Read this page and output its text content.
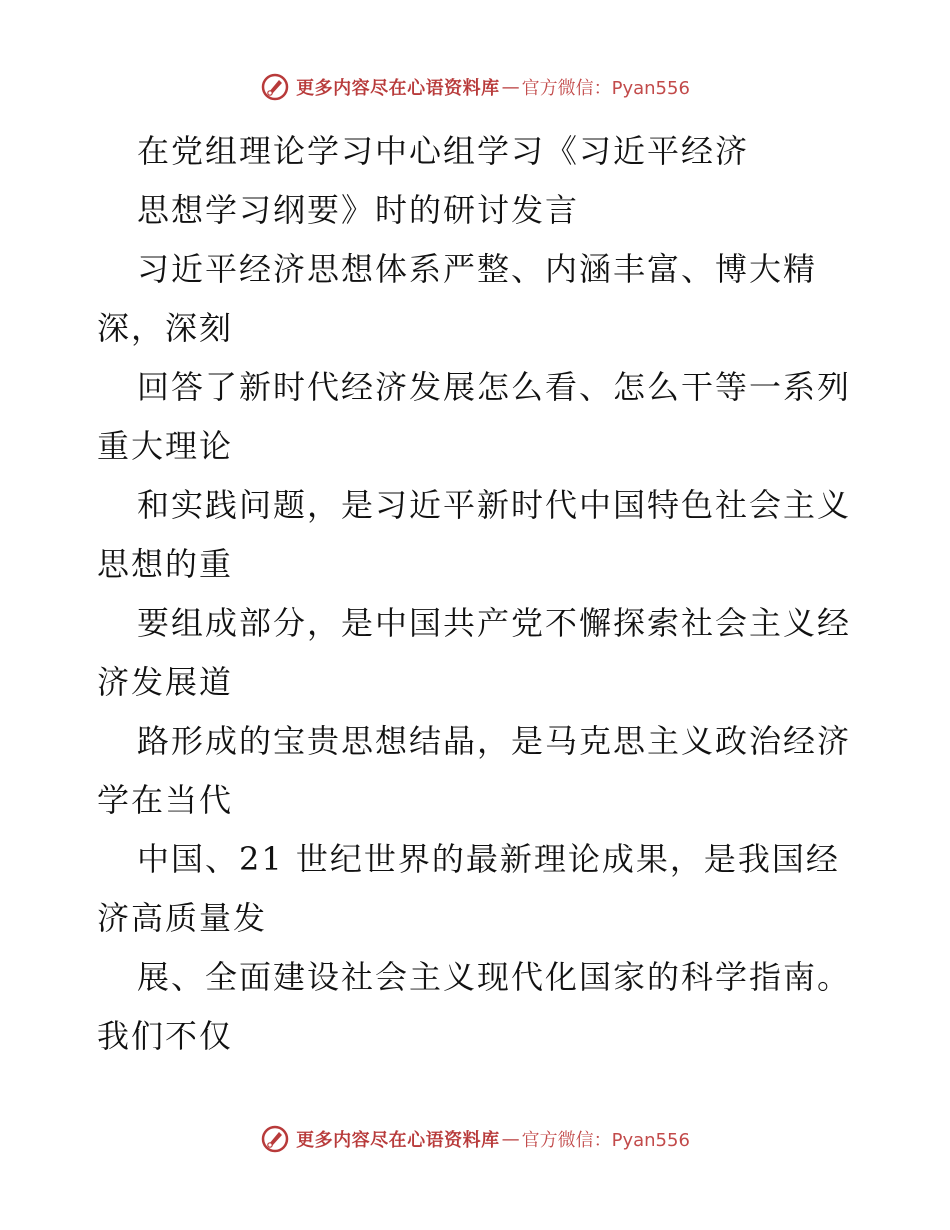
更多内容尽在心语资料库 — 官方微信：Pyan556
在党组理论学习中心组学习《习近平经济
思想学习纲要》时的研讨发言
习近平经济思想体系严整、内涵丰富、博大精
深，深刻
回答了新时代经济发展怎么看、怎么干等一系列
重大理论
和实践问题，是习近平新时代中国特色社会主义
思想的重
要组成部分，是中国共产党不懈探索社会主义经
济发展道
路形成的宝贵思想结晶，是马克思主义政治经济
学在当代
中国、21 世纪世界的最新理论成果，是我国经
济高质量发
展、全面建设社会主义现代化国家的科学指南。
我们不仅
更多内容尽在心语资料库 — 官方微信：Pyan556
